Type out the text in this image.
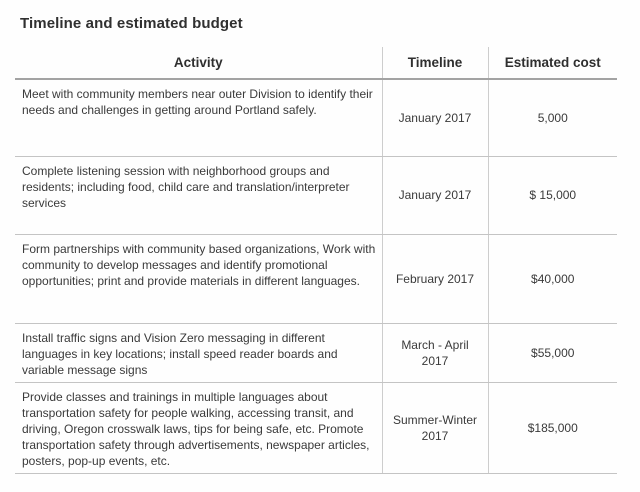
Timeline and estimated budget
Activity	Timeline	Estimated cost
Meet with community members near outer Division to identify their needs and challenges in getting around Portland safely.	January 2017	5,000
Complete listening session with neighborhood groups and residents; including food, child care and translation/interpreter services	January 2017	$ 15,000
Form partnerships with community based organizations, Work with community to develop messages and identify promotional opportunities; print and provide materials in different languages.	February 2017	$40,000
Install traffic signs and Vision Zero messaging in different languages in key locations; install speed reader boards and variable message signs	March - April 2017	$55,000
Provide classes and trainings in multiple languages about transportation safety for people walking, accessing transit, and driving, Oregon crosswalk laws, tips for being safe, etc. Promote transportation safety through advertisements, newspaper articles, posters, pop-up events, etc.	Summer-Winter 2017	$185,000
